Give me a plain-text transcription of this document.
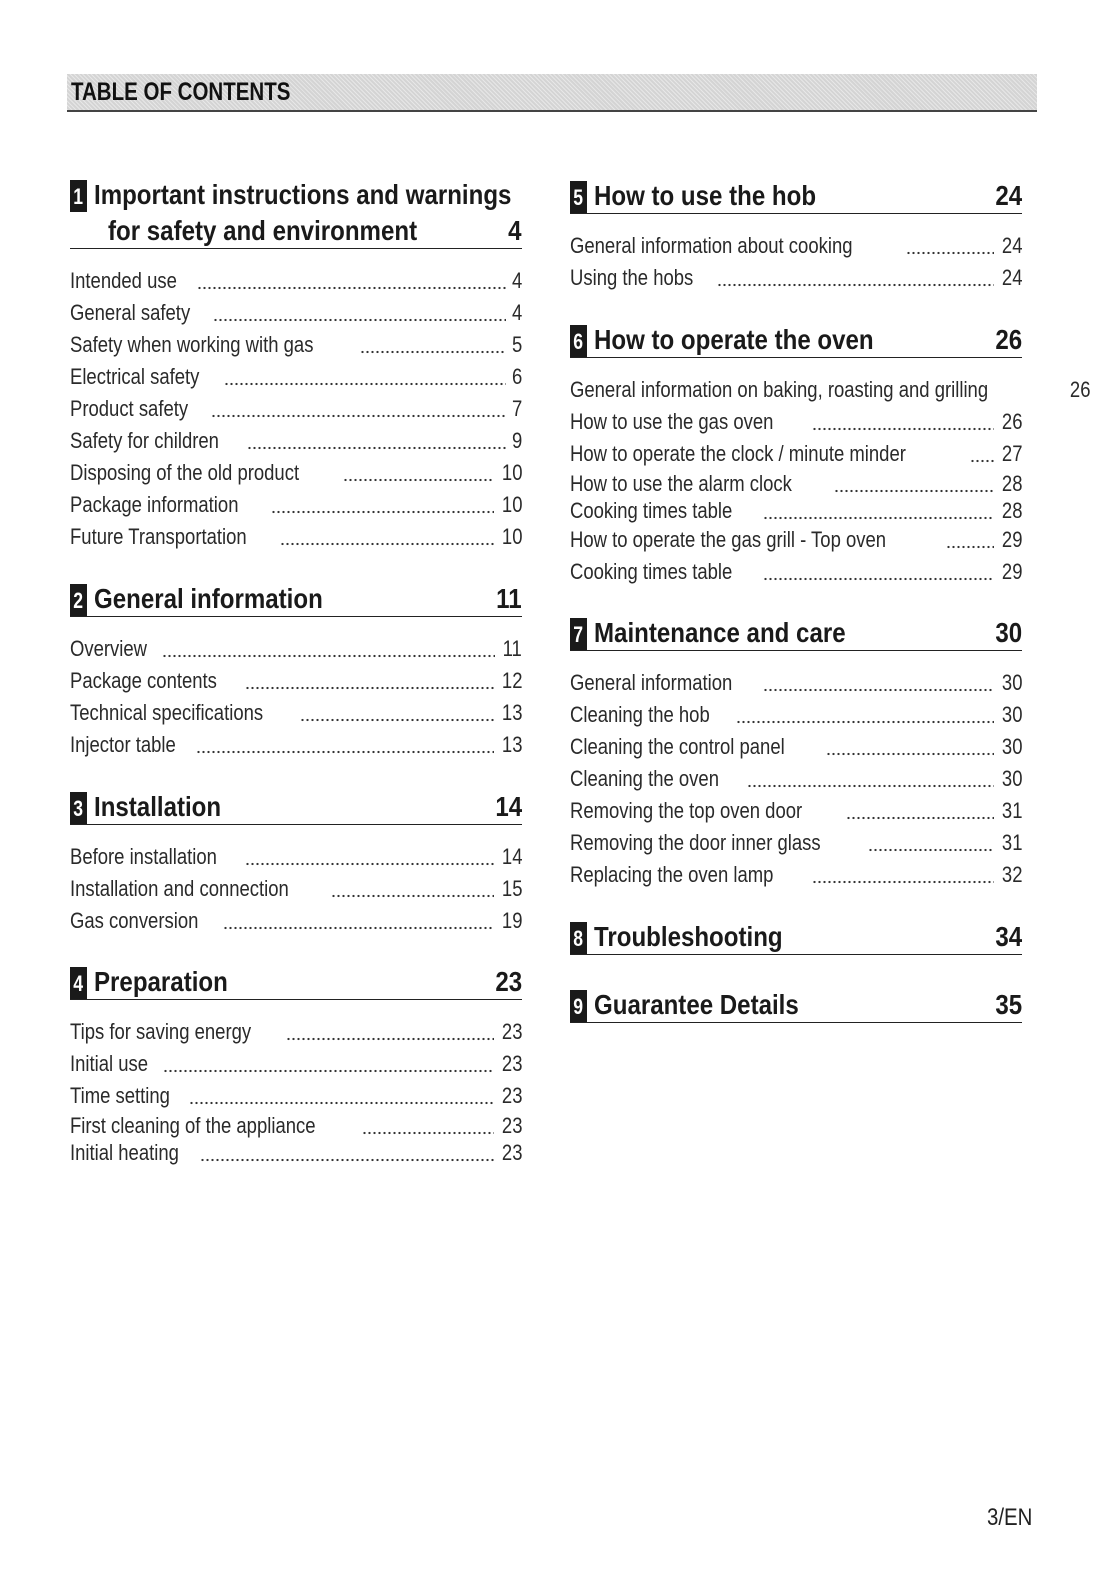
TABLE OF CONTENTS
1 Important instructions and warnings
for safety and environment	4
Intended use	4
General safety	4
Safety when working with gas	5
Electrical safety	6
Product safety	7
Safety for children	9
Disposing of the old product	10
Package information	10
Future Transportation	10
2 General information	11
Overview	11
Package contents	12
Technical specifications	13
Injector table	13
3 Installation	14
Before installation	14
Installation and connection	15
Gas conversion	19
4 Preparation	23
Tips for saving energy	23
Initial use	23
Time setting	23
First cleaning of the appliance	23
Initial heating	23
5 How to use the hob	24
General information about cooking	24
Using the hobs	24
6 How to operate the oven	26
General information on baking, roasting and grilling	26
How to use the gas oven	26
How to operate the clock / minute minder	27
How to use the alarm clock	28
Cooking times table	28
How to operate the gas grill - Top oven	29
Cooking times table	29
7 Maintenance and care	30
General information	30
Cleaning the hob	30
Cleaning the control panel	30
Cleaning the oven	30
Removing the top oven door	31
Removing the door inner glass	31
Replacing the oven lamp	32
8 Troubleshooting	34
9 Guarantee Details	35
3/EN
